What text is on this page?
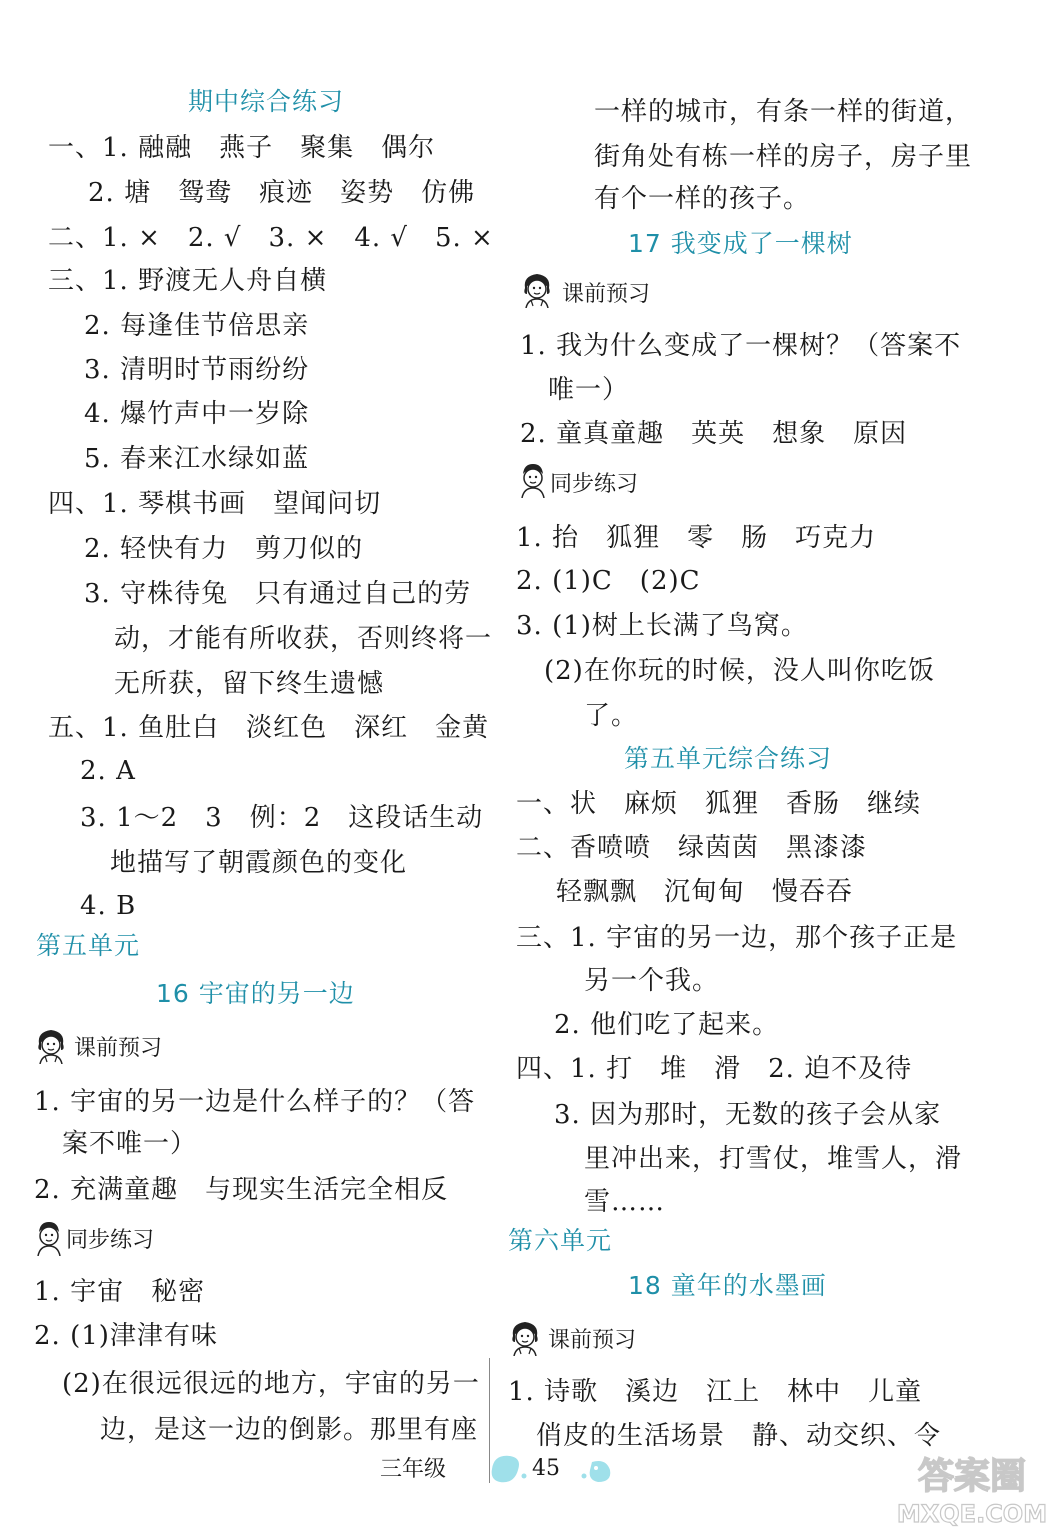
期中综合练习
一、1. 融融　燕子　聚集　偶尔
2. 塘　鸳鸯　痕迹　姿势　仿佛
二、1. ×　2. √　3. ×　4. √　5. ×
三、1. 野渡无人舟自横
2. 每逢佳节倍思亲
3. 清明时节雨纷纷
4. 爆竹声中一岁除
5. 春来江水绿如蓝
四、1. 琴棋书画　望闻问切
2. 轻快有力　剪刀似的
3. 守株待兔　只有通过自己的劳
动，才能有所收获，否则终将一
无所获，留下终生遗憾
五、1. 鱼肚白　淡红色　深红　金黄
2. A
3. 1～2　3　例：2　这段话生动
地描写了朝霞颜色的变化
4. B
第五单元
16 宇宙的另一边
课前预习
1. 宇宙的另一边是什么样子的？（答
案不唯一）
2. 充满童趣　与现实生活完全相反
同步练习
1. 宇宙　秘密
2. (1)津津有味
(2)在很远很远的地方，宇宙的另一
边，是这一边的倒影。那里有座
一样的城市，有条一样的街道，
街角处有栋一样的房子，房子里
有个一样的孩子。
17 我变成了一棵树
课前预习
1. 我为什么变成了一棵树？（答案不
唯一）
2. 童真童趣　英英　想象　原因
同步练习
1. 抬　狐狸　零　肠　巧克力
2. (1)C　(2)C
3. (1)树上长满了鸟窝。
(2)在你玩的时候，没人叫你吃饭
了。
第五单元综合练习
一、状　麻烦　狐狸　香肠　继续
二、香喷喷　绿茵茵　黑漆漆
轻飘飘　沉甸甸　慢吞吞
三、1. 宇宙的另一边，那个孩子正是
另一个我。
2. 他们吃了起来。
四、1. 打　堆　滑　2. 迫不及待
3. 因为那时，无数的孩子会从家
里冲出来，打雪仗，堆雪人，滑
雪……
第六单元
18 童年的水墨画
课前预习
1. 诗歌　溪边　江上　林中　儿童
俏皮的生活场景　静、动交织、令
三年级	45	答案圈
MXQE.COM
